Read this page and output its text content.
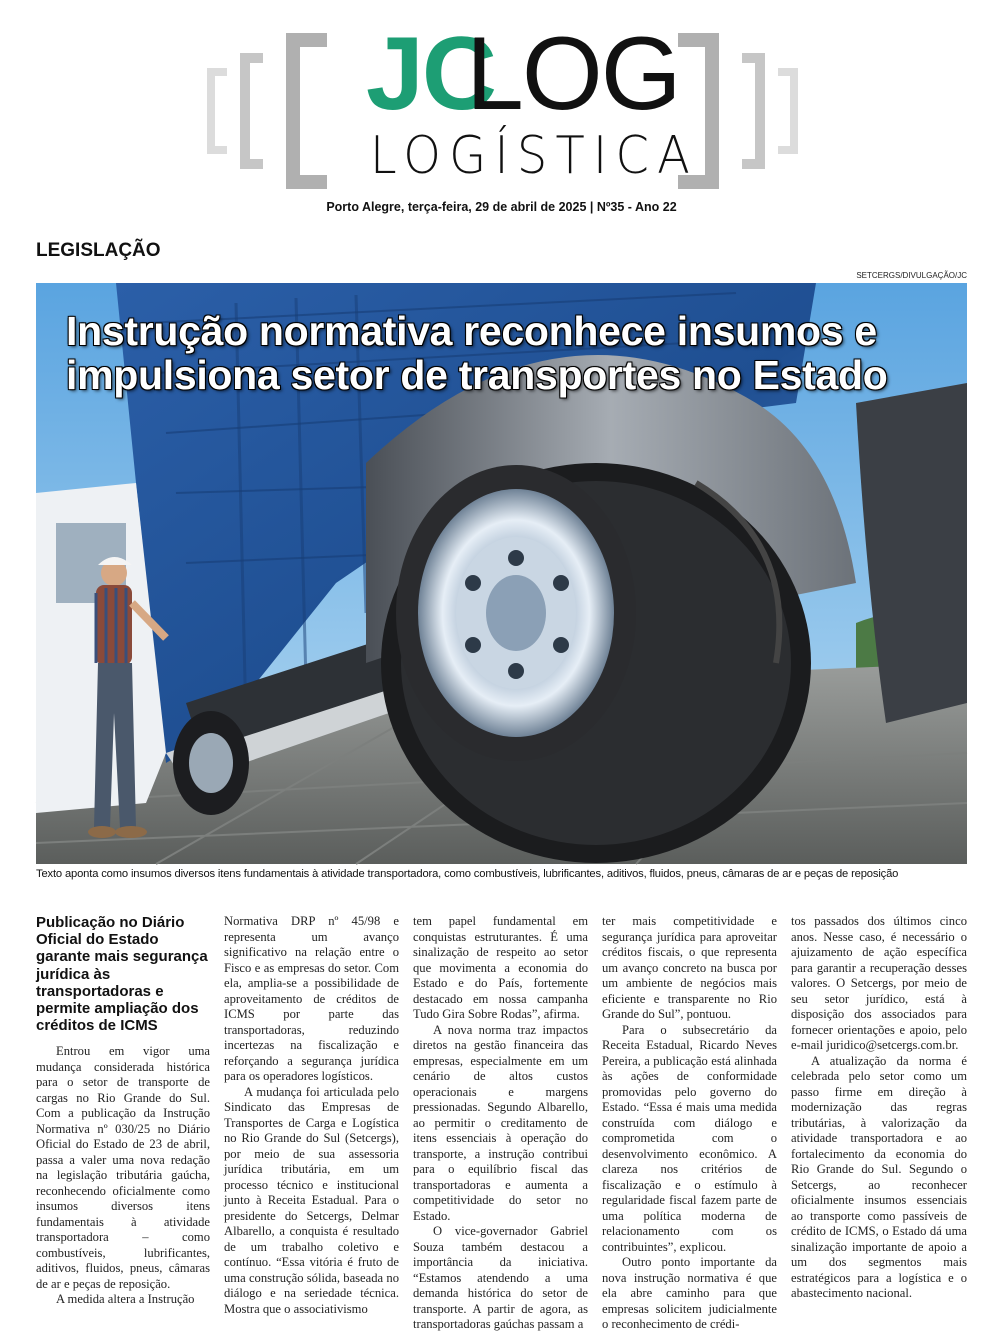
JC
LOG
LOGÍSTICA
Porto Alegre, terça-feira, 29 de abril de 2025 | Nº35 - Ano 22
LEGISLAÇÃO
SETCERGS/DIVULGAÇÃO/JC
Instrução normativa reconhece insumos e impulsiona setor de transportes no Estado
Texto aponta como insumos diversos itens fundamentais à atividade transportadora, como combustíveis, lubrificantes, aditivos, fluidos, pneus, câmaras de ar e peças de reposição
Publicação no Diário Oficial do Estado garante mais segurança jurídica às transportadoras e permite ampliação dos créditos de ICMS

Entrou em vigor uma mudança considerada histórica para o setor de transporte de cargas no Rio Grande do Sul. Com a publicação da Instrução Normativa nº 030/25 no Diário Oficial do Estado de 23 de abril, passa a valer uma nova redação na legislação tributária gaúcha, reconhecendo oficialmente como insumos diversos itens fundamentais à atividade transportadora – como combustíveis, lubrificantes, aditivos, fluidos, pneus, câmaras de ar e peças de reposição.

A medida altera a Instrução

Normativa DRP nº 45/98 e representa um avanço significativo na relação entre o Fisco e as empresas do setor. Com ela, amplia-se a possibilidade de aproveitamento de créditos de ICMS por parte das transportadoras, reduzindo incertezas na fiscalização e reforçando a segurança jurídica para os operadores logísticos.

A mudança foi articulada pelo Sindicato das Empresas de Transportes de Carga e Logística no Rio Grande do Sul (Setcergs), por meio de sua assessoria jurídica tributária, em um processo técnico e institucional junto à Receita Estadual. Para o presidente do Setcergs, Delmar Albarello, a conquista é resultado de um trabalho coletivo e contínuo. “Essa vitória é fruto de uma construção sólida, baseada no diálogo e na seriedade técnica. Mostra que o associativismo

tem papel fundamental em conquistas estruturantes. É uma sinalização de respeito ao setor que movimenta a economia do Estado e do País, fortemente destacado em nossa campanha Tudo Gira Sobre Rodas”, afirma.

A nova norma traz impactos diretos na gestão financeira das empresas, especialmente em um cenário de altos custos operacionais e margens pressionadas. Segundo Albarello, ao permitir o creditamento de itens essenciais à operação do transporte, a instrução contribui para o equilíbrio fiscal das transportadoras e aumenta a competitividade do setor no Estado.

O vice-governador Gabriel Souza também destacou a importância da iniciativa. “Estamos atendendo a uma demanda histórica do setor de transporte. A partir de agora, as transportadoras gaúchas passam a

ter mais competitividade e segurança jurídica para aproveitar créditos fiscais, o que representa um avanço concreto na busca por um ambiente de negócios mais eficiente e transparente no Rio Grande do Sul”, pontuou.

Para o subsecretário da Receita Estadual, Ricardo Neves Pereira, a publicação está alinhada às ações de conformidade promovidas pelo governo do Estado. “Essa é mais uma medida construída com diálogo e comprometida com o desenvolvimento econômico. A clareza nos critérios de fiscalização e o estímulo à regularidade fiscal fazem parte de uma política moderna de relacionamento com os contribuintes”, explicou.

Outro ponto importante da nova instrução normativa é que ela abre caminho para que empresas solicitem judicialmente o reconhecimento de crédi-

tos passados dos últimos cinco anos. Nesse caso, é necessário o ajuizamento de ação específica para garantir a recuperação desses valores. O Setcergs, por meio de seu setor jurídico, está à disposição dos associados para fornecer orientações e apoio, pelo e-mail juridico@setcergs.com.br.

A atualização da norma é celebrada pelo setor como um passo firme em direção à modernização das regras tributárias, à valorização da atividade transportadora e ao fortalecimento da economia do Rio Grande do Sul. Segundo o Setcergs, ao reconhecer oficialmente insumos essenciais ao transporte como passíveis de crédito de ICMS, o Estado dá uma sinalização importante de apoio a um dos segmentos mais estratégicos para a logística e o abastecimento nacional.
